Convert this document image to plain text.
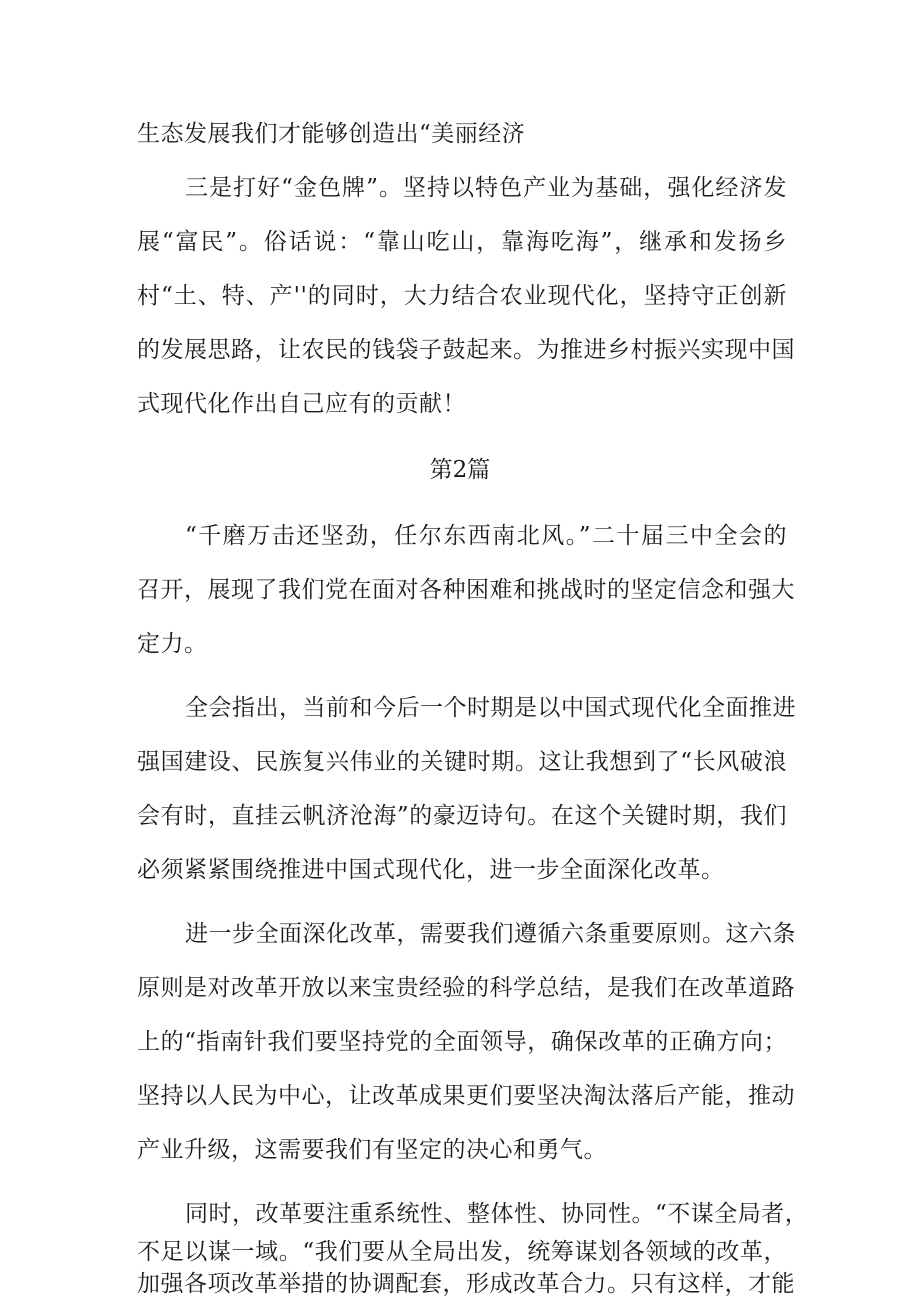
生态发展我们才能够创造出“美丽经济
三是打好“金色牌”。坚持以特色产业为基础，强化经济发
展“富民”。俗话说：“靠山吃山，靠海吃海”，继承和发扬乡
村“土、特、产''的同时，大力结合农业现代化，坚持守正创新
的发展思路，让农民的钱袋子鼓起来。为推进乡村振兴实现中国
式现代化作出自己应有的贡献！
第2篇
“千磨万击还坚劲，任尔东西南北风。”二十届三中全会的
召开，展现了我们党在面对各种困难和挑战时的坚定信念和强大
定力。
全会指出，当前和今后一个时期是以中国式现代化全面推进
强国建设、民族复兴伟业的关键时期。这让我想到了“长风破浪
会有时，直挂云帆济沧海”的豪迈诗句。在这个关键时期，我们
必须紧紧围绕推进中国式现代化，进一步全面深化改革。
进一步全面深化改革，需要我们遵循六条重要原则。这六条
原则是对改革开放以来宝贵经验的科学总结，是我们在改革道路
上的“指南针我们要坚持党的全面领导，确保改革的正确方向；
坚持以人民为中心，让改革成果更们要坚决淘汰落后产能，推动
产业升级，这需要我们有坚定的决心和勇气。
同时，改革要注重系统性、整体性、协同性。“不谋全局者，
不足以谋一域。“我们要从全局出发，统筹谋划各领域的改革，
加强各项改革举措的协调配套，形成改革合力。只有这样，才能
